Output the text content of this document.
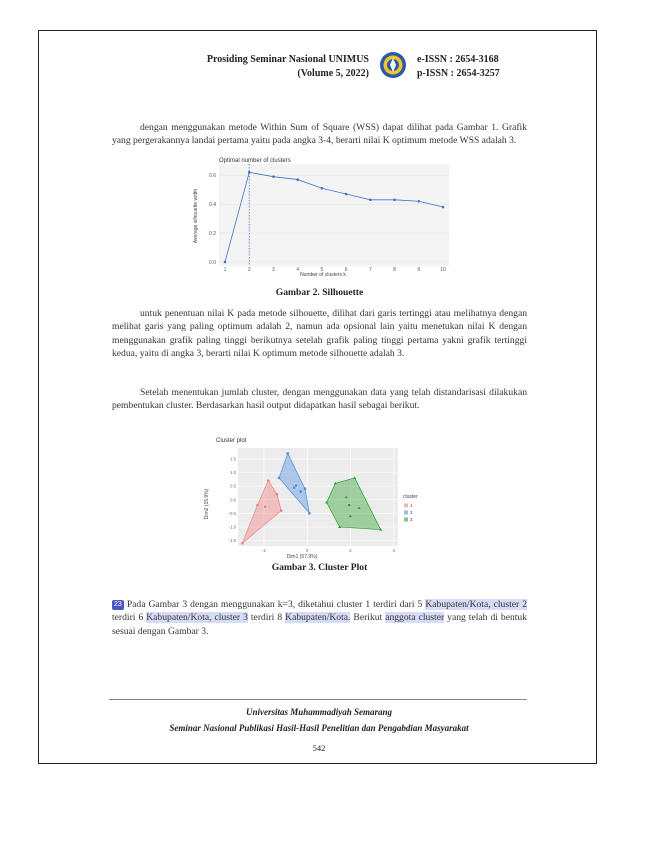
Prosiding Seminar Nasional UNIMUS
(Volume 5, 2022)
e-ISSN : 2654-3168
p-ISSN : 2654-3257
dengan menggunakan metode Within Sum of Square (WSS) dapat dilihat pada Gambar 1. Grafik yang pergerakannya landai pertama yaitu pada angka 3-4, berarti nilai K optimum metode WSS adalah 3.
Optimal number of clusters
Average silhouette width
Number of clusters k
0.0
0.2
0.4
0.6
1	2	3	4	5	6	7	8	9	10
Gambar 2. Silhouette
untuk penentuan nilai K pada metode silhouette, dilihat dari garis tertinggi atau melihatnya dengan melihat garis yang paling optimum adalah 2, namun ada opsional lain yaitu menetukan nilai K dengan menggunakan grafik paling tinggi berikutnya setelah grafik paling tinggi pertama yakni grafik tertinggi kedua, yaitu di angka 3, berarti nilai K optimum metode silhouette adalah 3.
Setelah menentukan jumlah cluster, dengan menggunakan data yang telah distandarisasi dilakukan pembentukan cluster. Berdasarkan hasil output didapatkan hasil sebagai berikut.
Cluster plot
Dim2 (15.9%)
Dim1 (57.9%)
1.5
1.0
0.5
0.0
-0.5
-1.0
-1.5
-2	0	2	4
cluster
1
2
3
Gambar 3. Cluster Plot
23 Pada Gambar 3 dengan menggunakan k=3, diketahui cluster 1 terdiri dari 5 Kabupaten/Kota, cluster 2 terdiri 6 Kabupaten/Kota, cluster 3 terdiri 8 Kabupaten/Kota. Berikut anggota cluster yang telah di bentuk sesuai dengan Gambar 3.
Universitas Muhammadiyah Semarang
Seminar Nasional Publikasi Hasil-Hasil Penelitian dan Pengabdian Masyarakat
542
